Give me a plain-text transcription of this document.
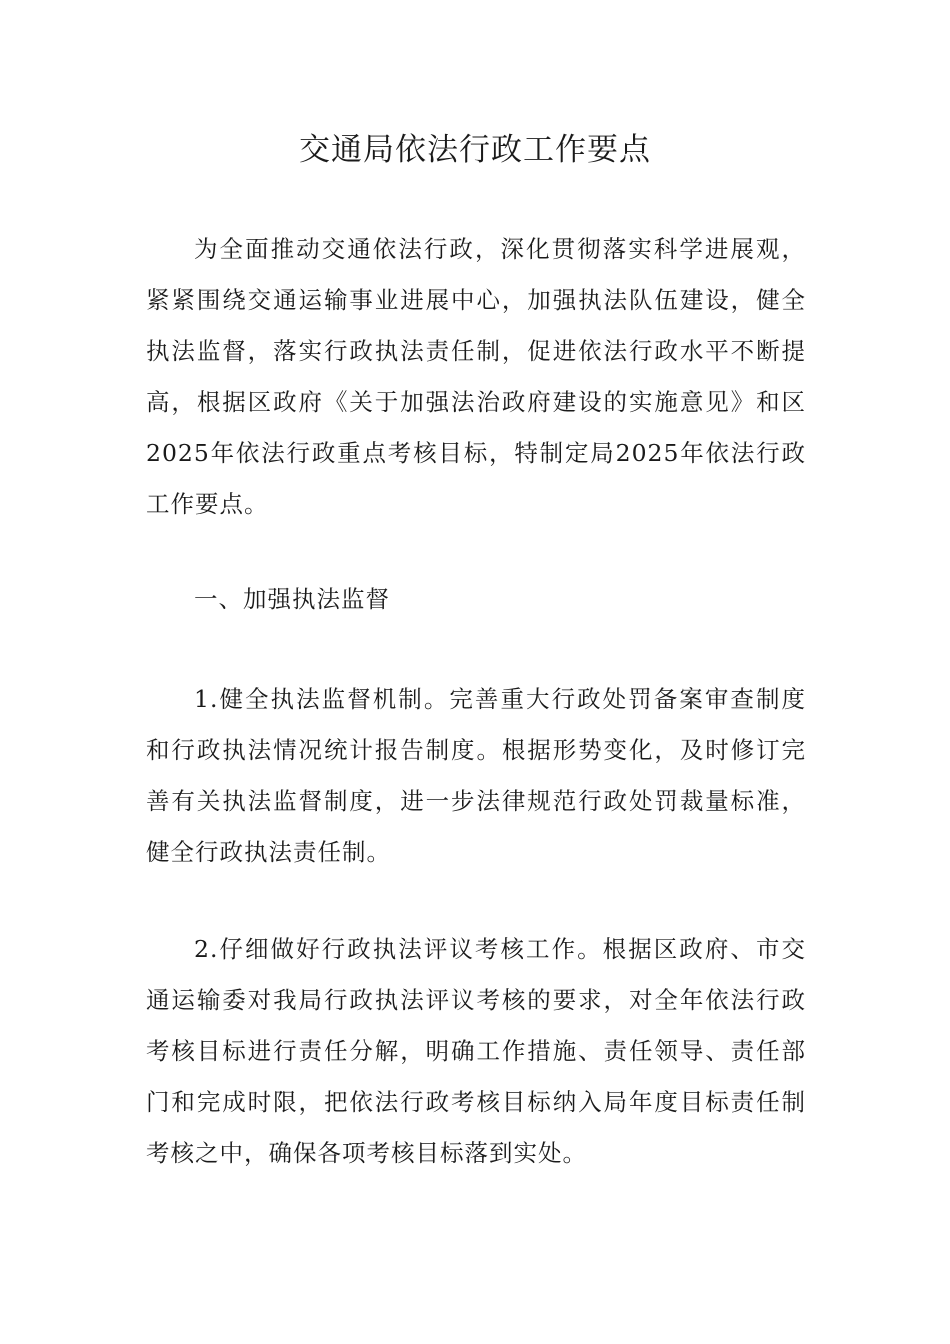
交通局依法行政工作要点

为全面推动交通依法行政，深化贯彻落实科学进展观，紧紧围绕交通运输事业进展中心，加强执法队伍建设，健全执法监督，落实行政执法责任制，促进依法行政水平不断提高，根据区政府《关于加强法治政府建设的实施意见》和区2025年依法行政重点考核目标，特制定局2025年依法行政工作要点。

一、加强执法监督

1.健全执法监督机制。完善重大行政处罚备案审查制度和行政执法情况统计报告制度。根据形势变化，及时修订完善有关执法监督制度，进一步法律规范行政处罚裁量标准，健全行政执法责任制。

2.仔细做好行政执法评议考核工作。根据区政府、市交通运输委对我局行政执法评议考核的要求，对全年依法行政考核目标进行责任分解，明确工作措施、责任领导、责任部门和完成时限，把依法行政考核目标纳入局年度目标责任制考核之中，确保各项考核目标落到实处。
